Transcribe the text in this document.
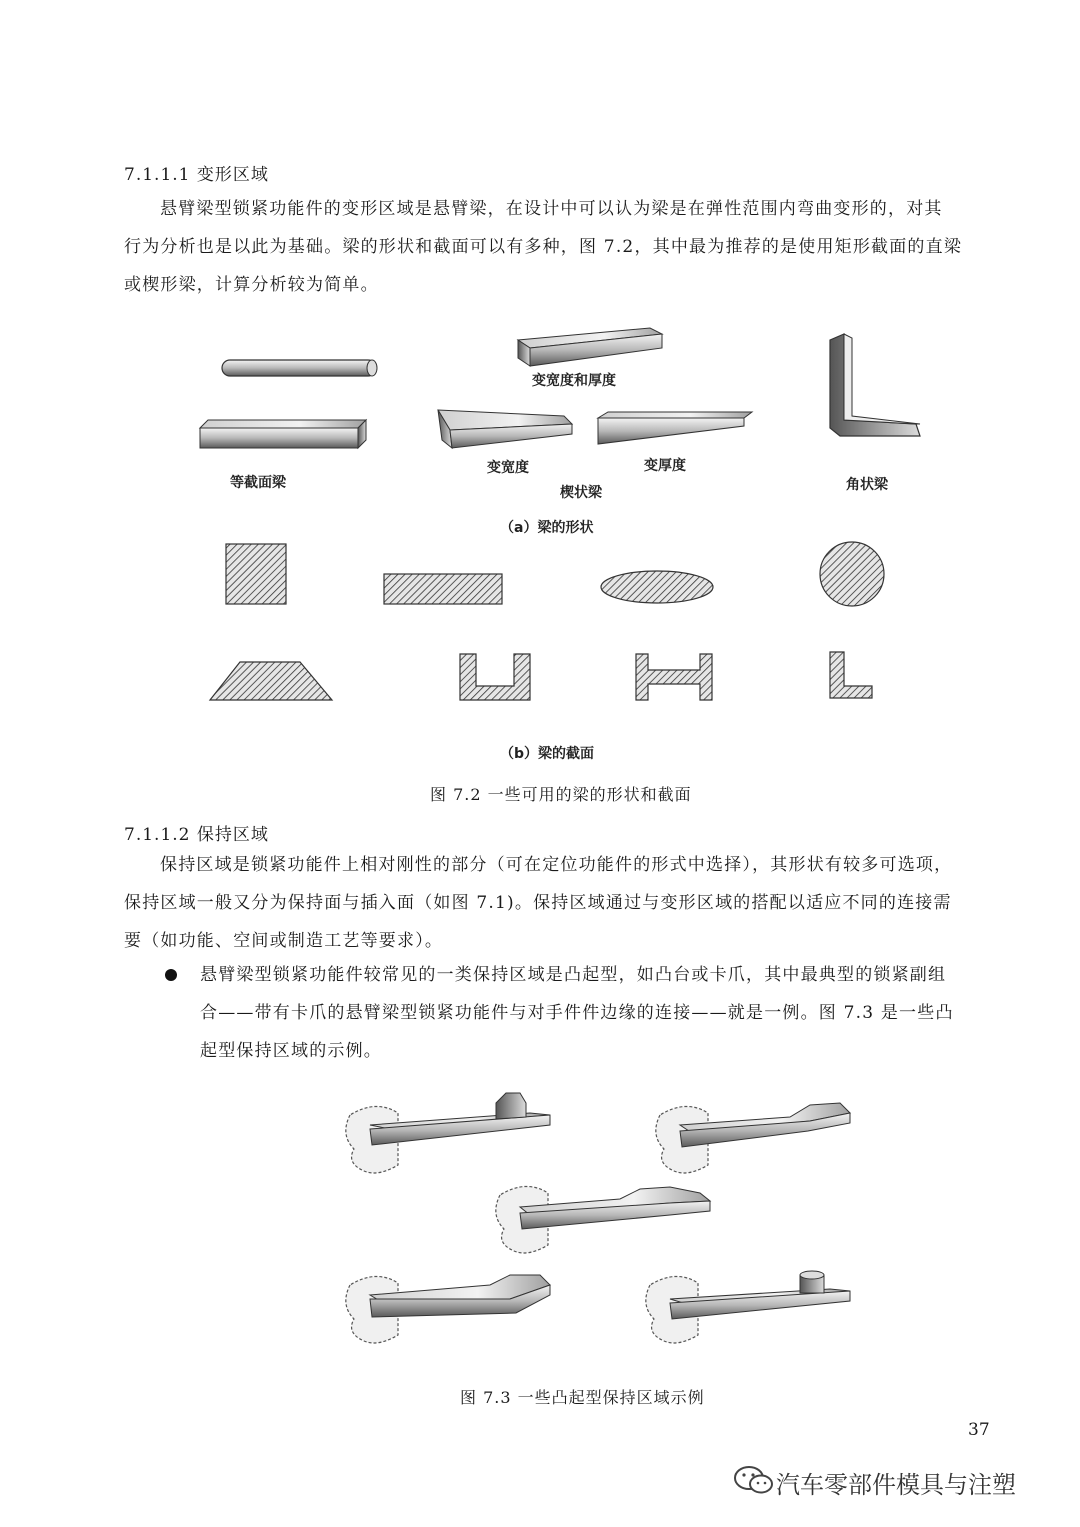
7.1.1.1 变形区域

悬臂梁型锁紧功能件的变形区域是悬臂梁，在设计中可以认为梁是在弹性范围内弯曲变形的，对其

行为分析也是以此为基础。梁的形状和截面可以有多种，图 7.2，其中最为推荐的是使用矩形截面的直梁

或楔形梁，计算分析较为简单。

变宽度和厚度
等截面梁
变宽度	变厚度
楔状梁	角状梁
（a）梁的形状
（b）梁的截面
图 7.2 一些可用的梁的形状和截面
7.1.1.2 保持区域

保持区域是锁紧功能件上相对刚性的部分（可在定位功能件的形式中选择），其形状有较多可选项，

保持区域一般又分为保持面与插入面（如图 7.1)。保持区域通过与变形区域的搭配以适应不同的连接需

要（如功能、空间或制造工艺等要求）。

悬臂梁型锁紧功能件较常见的一类保持区域是凸起型，如凸台或卡爪，其中最典型的锁紧副组

合——带有卡爪的悬臂梁型锁紧功能件与对手件件边缘的连接——就是一例。图 7.3 是一些凸

起型保持区域的示例。

图 7.3 一些凸起型保持区域示例
37
汽车零部件模具与注塑
